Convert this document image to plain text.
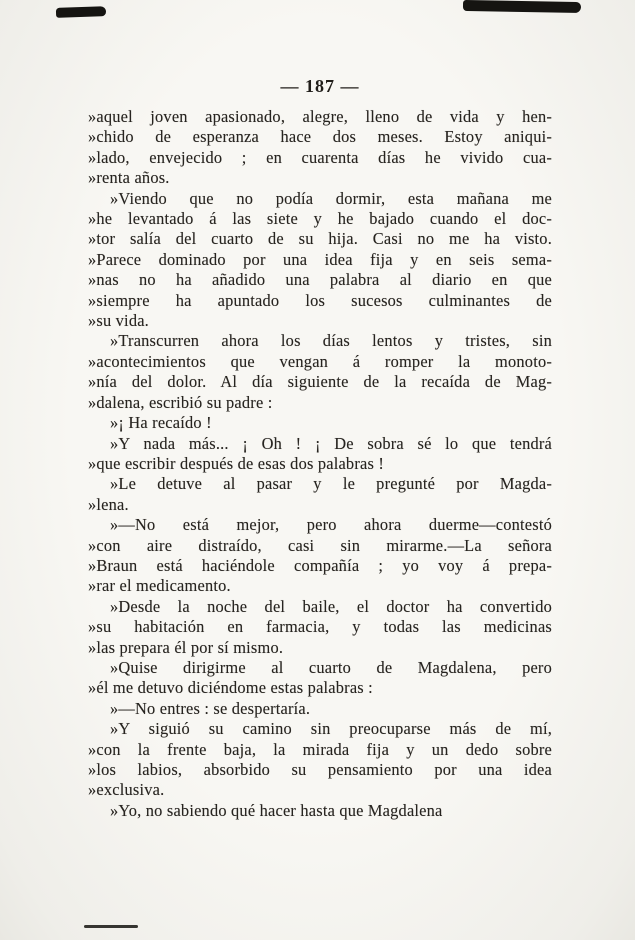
— 187 —
»aquel joven apasionado, alegre, lleno de vida y hen-
»chido de esperanza hace dos meses. Estoy aniqui-
»lado, envejecido ; en cuarenta días he vivido cua-
»renta años.
»Viendo que no podía dormir, esta mañana me
»he levantado á las siete y he bajado cuando el doc-
»tor salía del cuarto de su hija. Casi no me ha visto.
»Parece dominado por una idea fija y en seis sema-
»nas no ha añadido una palabra al diario en que
»siempre ha apuntado los sucesos culminantes de
»su vida.
»Transcurren ahora los días lentos y tristes, sin
»acontecimientos que vengan á romper la monoto-
»nía del dolor. Al día siguiente de la recaída de Mag-
»dalena, escribió su padre :
»¡ Ha recaído !
»Y nada más... ¡ Oh ! ¡ De sobra sé lo que tendrá
»que escribir después de esas dos palabras !
»Le detuve al pasar y le pregunté por Magda-
»lena.
»—No está mejor, pero ahora duerme—contestó
»con aire distraído, casi sin mirarme.—La señora
»Braun está haciéndole compañía ; yo voy á prepa-
»rar el medicamento.
»Desde la noche del baile, el doctor ha convertido
»su habitación en farmacia, y todas las medicinas
»las prepara él por sí mismo.
»Quise dirigirme al cuarto de Magdalena, pero
»él me detuvo diciéndome estas palabras :
»—No entres : se despertaría.
»Y siguió su camino sin preocuparse más de mí,
»con la frente baja, la mirada fija y un dedo sobre
»los labios, absorbido su pensamiento por una idea
»exclusiva.
»Yo, no sabiendo qué hacer hasta que Magdalena
